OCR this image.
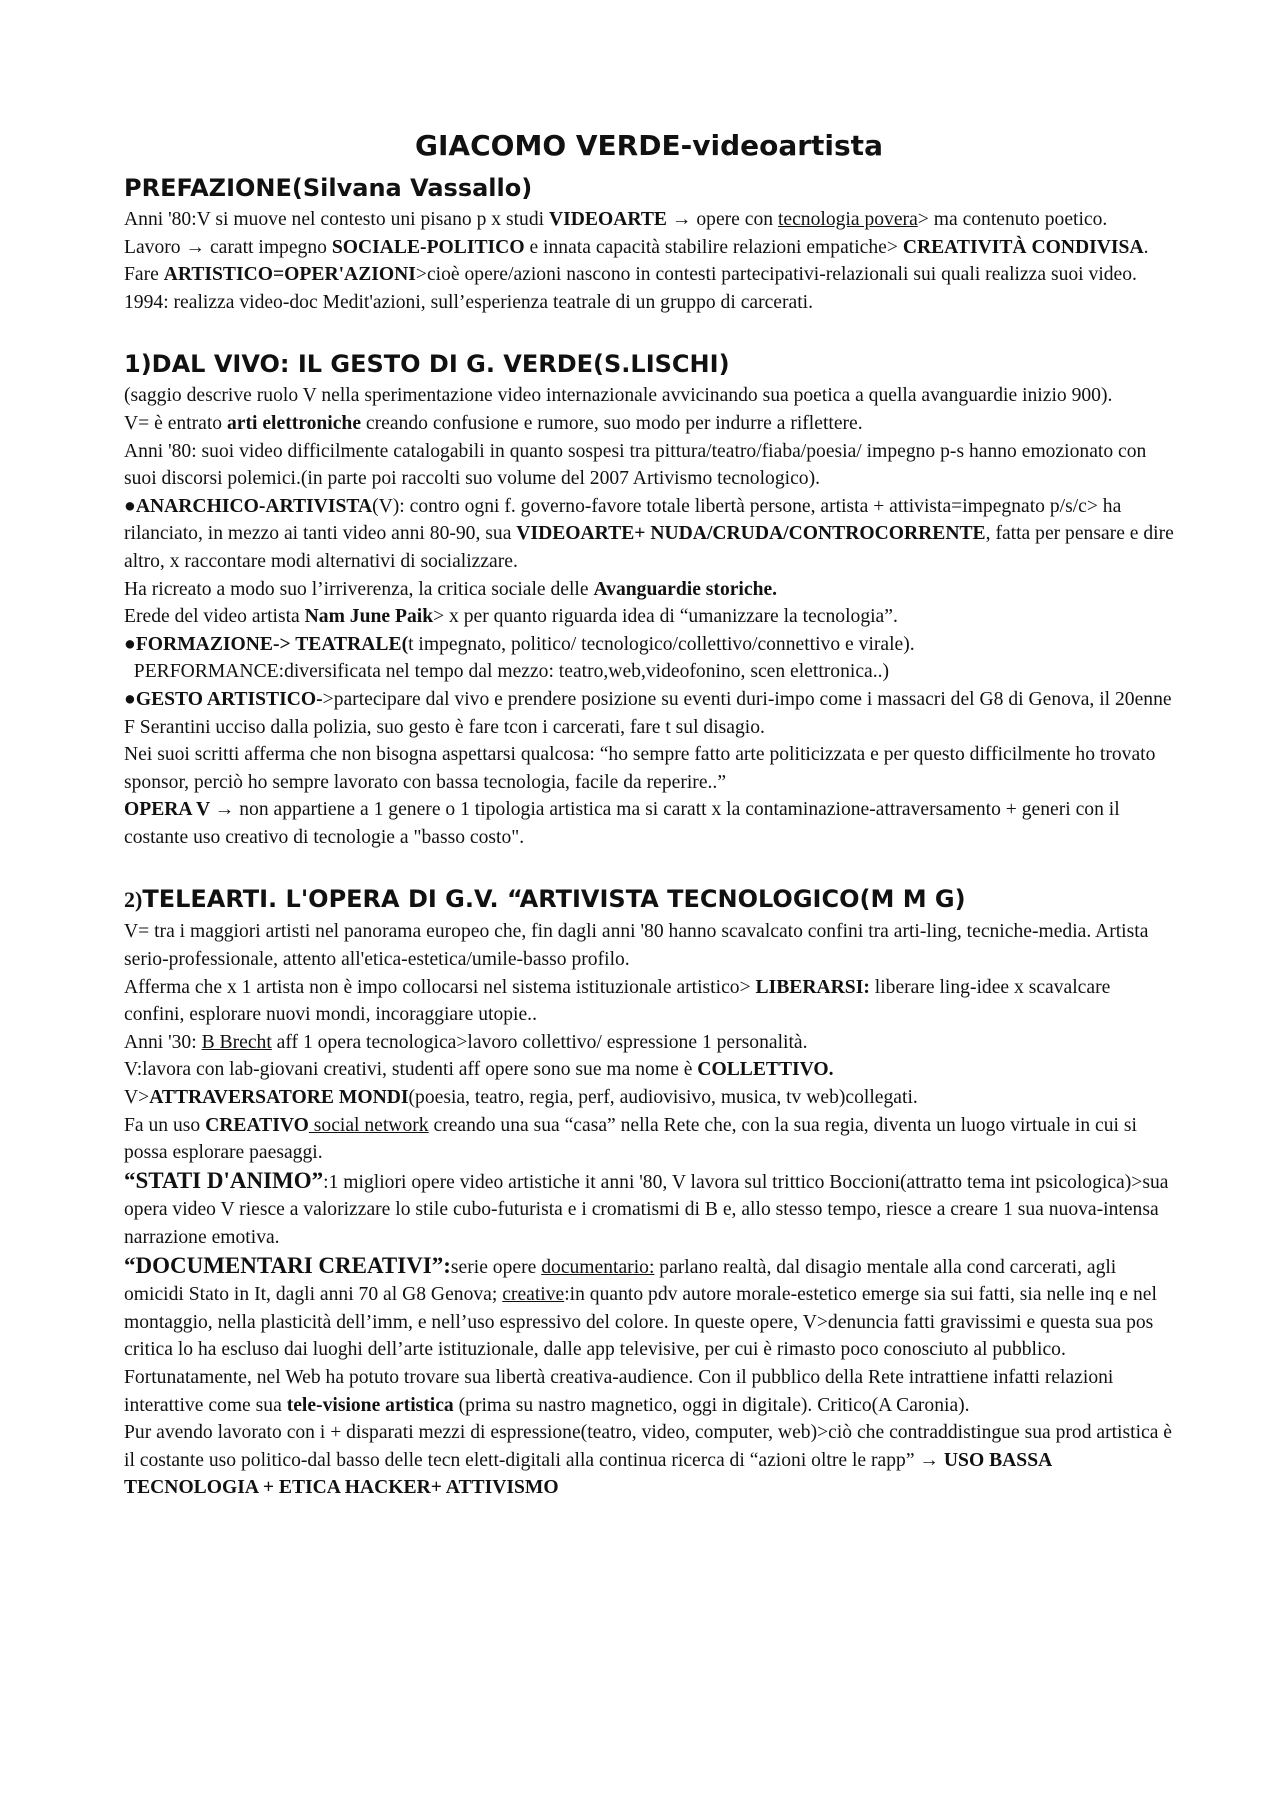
GIACOMO VERDE-videoartista
PREFAZIONE(Silvana Vassallo)

Anni '80:V si muove nel contesto uni pisano p x studi VIDEOARTE → opere con tecnologia povera> ma contenuto poetico.

Lavoro → caratt impegno SOCIALE-POLITICO e innata capacità stabilire relazioni empatiche> CREATIVITÀ CONDIVISA.

Fare ARTISTICO=OPER'AZIONI>cioè opere/azioni nascono in contesti partecipativi-relazionali sui quali realizza suoi video. 1994: realizza video-doc Medit'azioni, sull’esperienza teatrale di un gruppo di carcerati.

1)DAL VIVO: IL GESTO DI G. VERDE(S.LISCHI)

(saggio descrive ruolo V nella sperimentazione video internazionale avvicinando sua poetica a quella avanguardie inizio 900).

V= è entrato arti elettroniche creando confusione e rumore, suo modo per indurre a riflettere.

Anni '80: suoi video difficilmente catalogabili in quanto sospesi tra pittura/teatro/fiaba/poesia/ impegno p-s hanno emozionato con suoi discorsi polemici.(in parte poi raccolti suo volume del 2007 Artivismo tecnologico).

●ANARCHICO-ARTIVISTA(V): contro ogni f. governo-favore totale libertà persone, artista + attivista=impegnato p/s/c> ha rilanciato, in mezzo ai tanti video anni 80-90, sua VIDEOARTE+ NUDA/CRUDA/CONTROCORRENTE, fatta per pensare e dire altro, x raccontare modi alternativi di socializzare.

Ha ricreato a modo suo l’irriverenza, la critica sociale delle Avanguardie storiche.

Erede del video artista Nam June Paik> x per quanto riguarda idea di “umanizzare la tecnologia”.

●FORMAZIONE-> TEATRALE(t impegnato, politico/ tecnologico/collettivo/connettivo e virale).

PERFORMANCE:diversificata nel tempo dal mezzo: teatro,web,videofonino, scen elettronica..)

●GESTO ARTISTICO->partecipare dal vivo e prendere posizione su eventi duri-impo come i massacri del G8 di Genova, il 20enne F Serantini ucciso dalla polizia, suo gesto è fare tcon i carcerati, fare t sul disagio.

Nei suoi scritti afferma che non bisogna aspettarsi qualcosa: “ho sempre fatto arte politicizzata e per questo difficilmente ho trovato sponsor, perciò ho sempre lavorato con bassa tecnologia, facile da reperire..”

OPERA V → non appartiene a 1 genere o 1 tipologia artistica ma si caratt x la contaminazione-attraversamento + generi con il costante uso creativo di tecnologie a "basso costo".

2)TELEARTI. L'OPERA DI G.V. “ARTIVISTA TECNOLOGICO(M M G)

V= tra i maggiori artisti nel panorama europeo che, fin dagli anni '80 hanno scavalcato confini tra arti-ling, tecniche-media. Artista serio-professionale, attento all'etica-estetica/umile-basso profilo.

Afferma che x 1 artista non è impo collocarsi nel sistema istituzionale artistico> LIBERARSI: liberare ling-idee x scavalcare confini, esplorare nuovi mondi, incoraggiare utopie..

Anni '30: B Brecht aff 1 opera tecnologica>lavoro collettivo/ espressione 1 personalità.

V:lavora con lab-giovani creativi, studenti aff opere sono sue ma nome è COLLETTIVO.

V>ATTRAVERSATORE MONDI(poesia, teatro, regia, perf, audiovisivo, musica, tv web)collegati.

Fa un uso CREATIVO social network creando una sua “casa” nella Rete che, con la sua regia, diventa un luogo virtuale in cui si possa esplorare paesaggi.

“STATI D'ANIMO”:1 migliori opere video artistiche it anni '80, V lavora sul trittico Boccioni(attratto tema int psicologica)>sua opera video V riesce a valorizzare lo stile cubo-futurista e i cromatismi di B e, allo stesso tempo, riesce a creare 1 sua nuova-intensa narrazione emotiva.

“DOCUMENTARI CREATIVI”:serie opere documentario: parlano realtà, dal disagio mentale alla cond carcerati, agli omicidi Stato in It, dagli anni 70 al G8 Genova; creative:in quanto pdv autore morale-estetico emerge sia sui fatti, sia nelle inq e nel montaggio, nella plasticità dell’imm, e nell’uso espressivo del colore. In queste opere, V>denuncia fatti gravissimi e questa sua pos critica lo ha escluso dai luoghi dell’arte istituzionale, dalle app televisive, per cui è rimasto poco conosciuto al pubblico. Fortunatamente, nel Web ha potuto trovare sua libertà creativa-audience. Con il pubblico della Rete intrattiene infatti relazioni interattive come sua tele-visione artistica (prima su nastro magnetico, oggi in digitale). Critico(A Caronia).

Pur avendo lavorato con i + disparati mezzi di espressione(teatro, video, computer, web)>ciò che contraddistingue sua prod artistica è il costante uso politico-dal basso delle tecn elett-digitali alla continua ricerca di “azioni oltre le rapp” → USO BASSA TECNOLOGIA + ETICA HACKER+ ATTIVISMO
